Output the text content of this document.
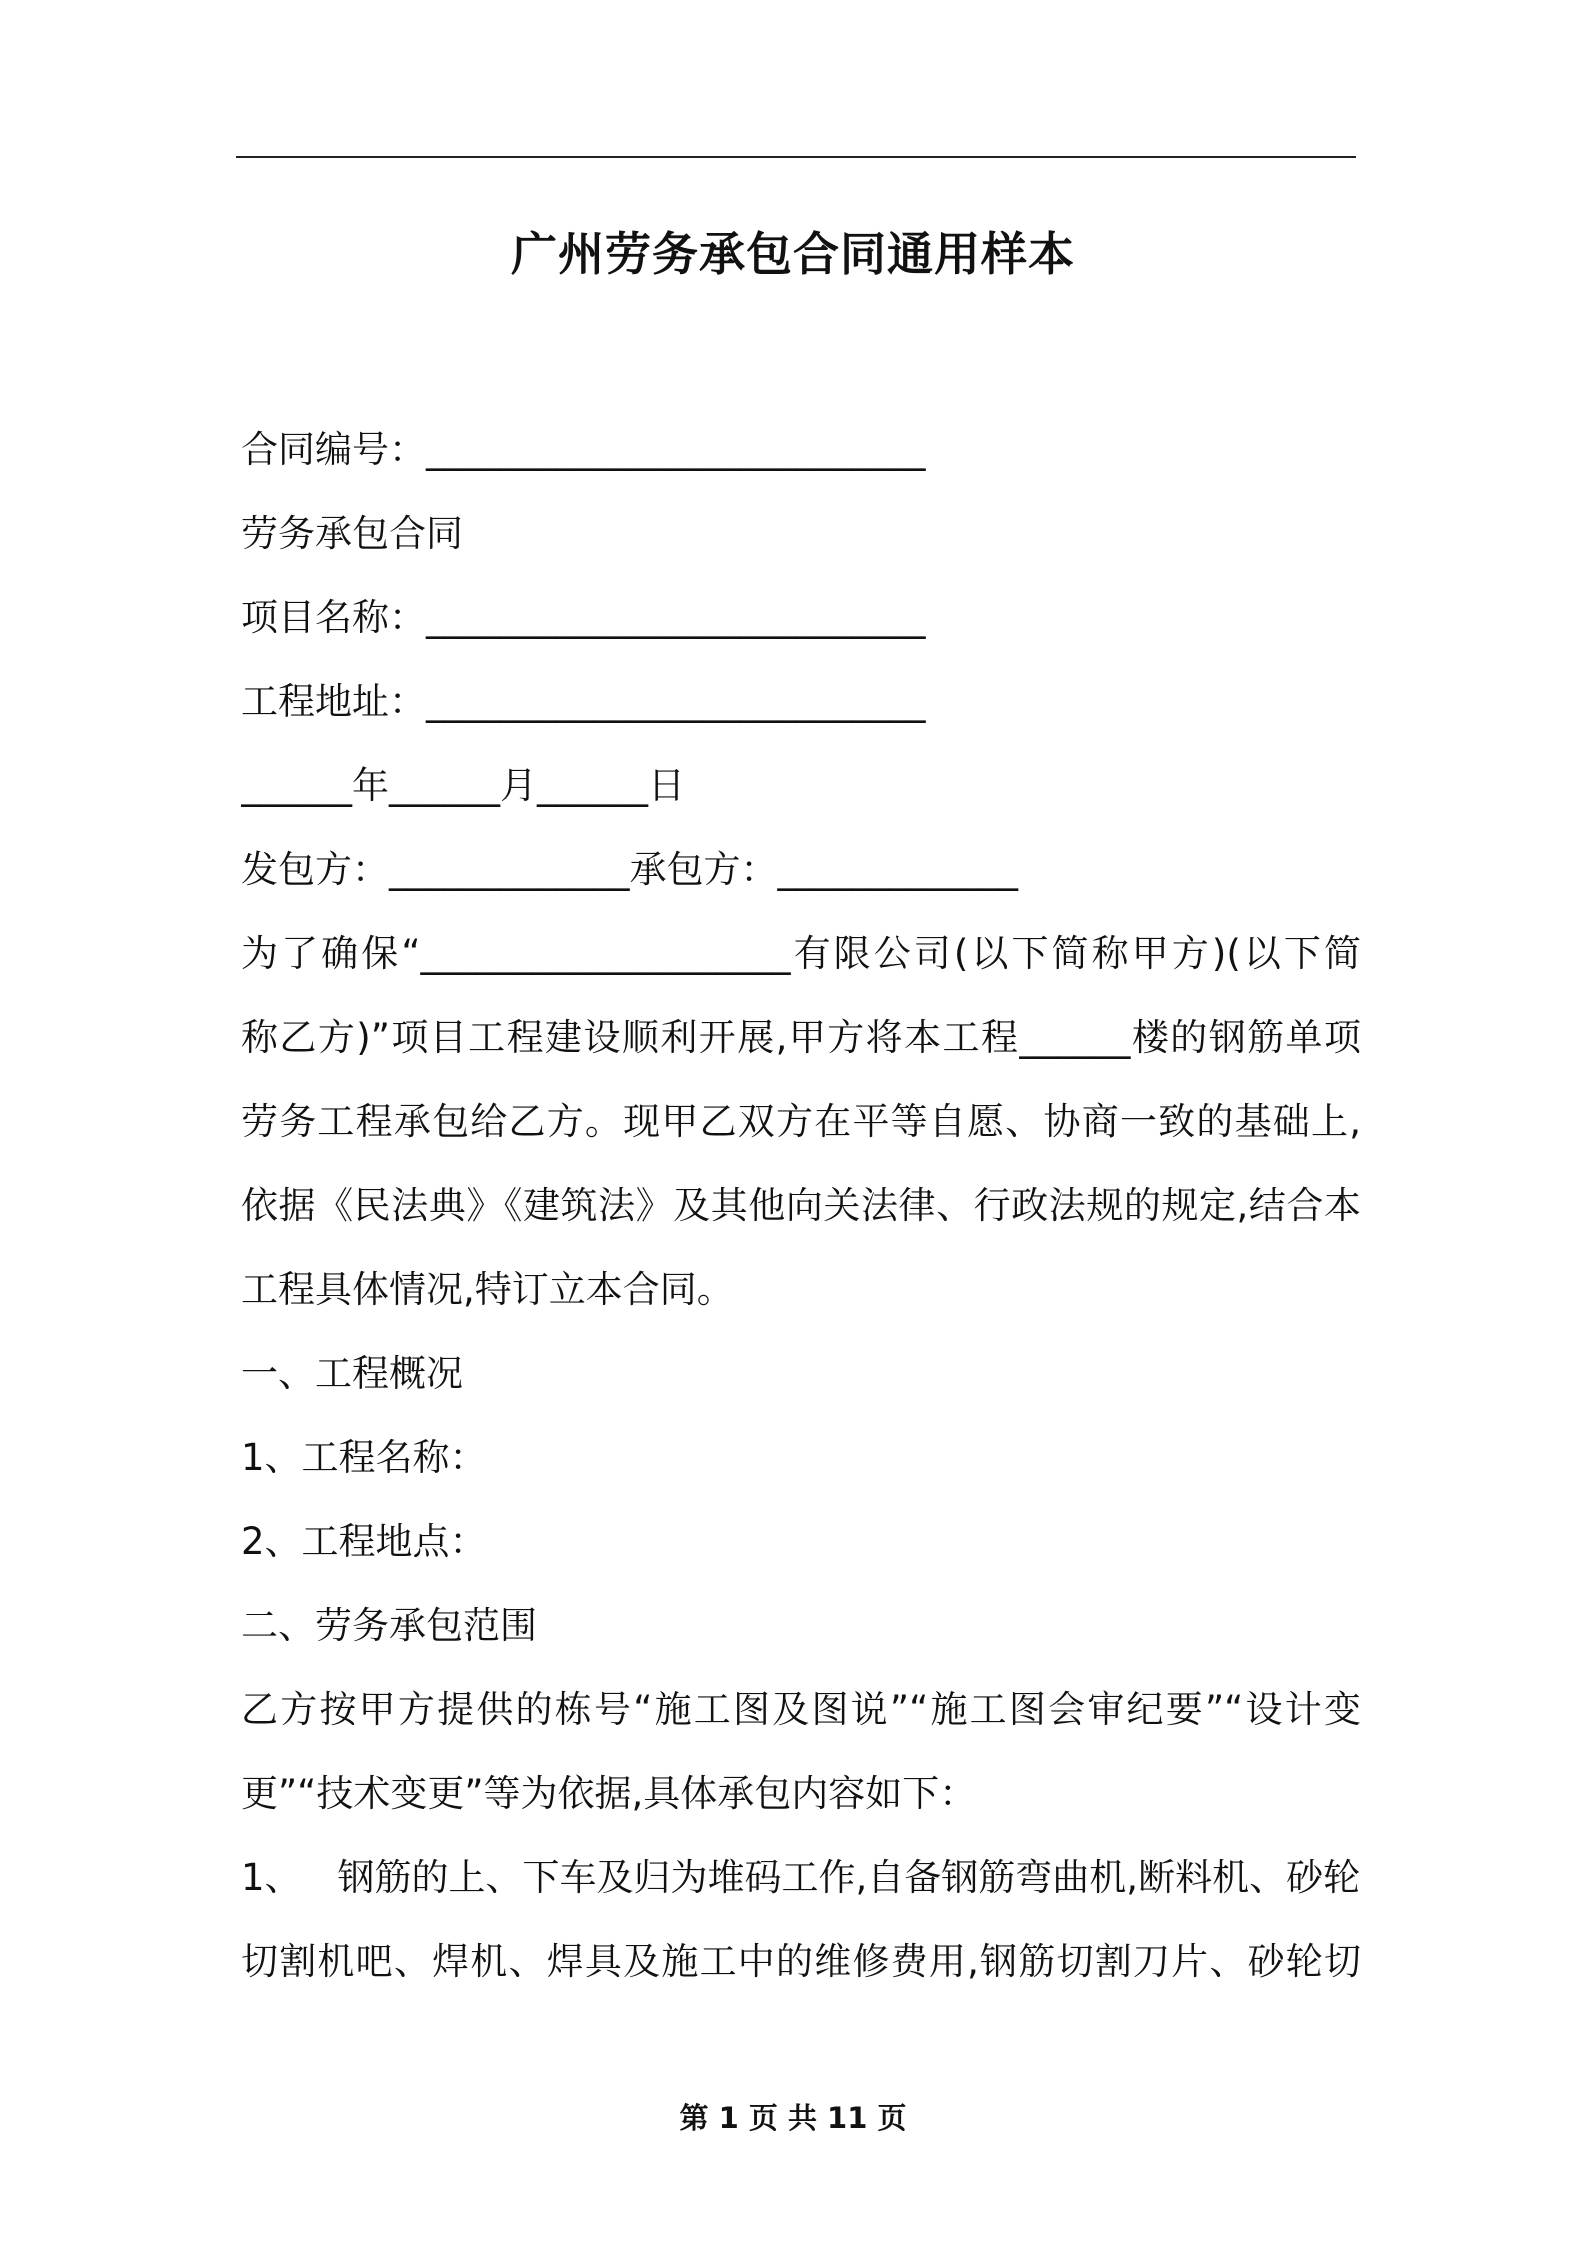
广州劳务承包合同通用样本
合同编号：___________________________
劳务承包合同
项目名称：___________________________
工程地址：___________________________
______年______月______日
发包方：_____________承包方：_____________
为了确保“____________________有限公司(以下简称甲方)(以下简
称乙方)”项目工程建设顺利开展,甲方将本工程______楼的钢筋单项
劳务工程承包给乙方。现甲乙双方在平等自愿、协商一致的基础上,
依据《民法典》《建筑法》及其他向关法律、行政法规的规定,结合本
工程具体情况,特订立本合同。
一、工程概况
1、工程名称：
2、工程地点：
二、劳务承包范围
乙方按甲方提供的栋号“施工图及图说”“施工图会审纪要”“设计变
更”“技术变更”等为依据,具体承包内容如下：
1、 钢筋的上、下车及归为堆码工作,自备钢筋弯曲机,断料机、砂轮
切割机吧、焊机、焊具及施工中的维修费用,钢筋切割刀片、砂轮切
第 1 页 共 11 页
